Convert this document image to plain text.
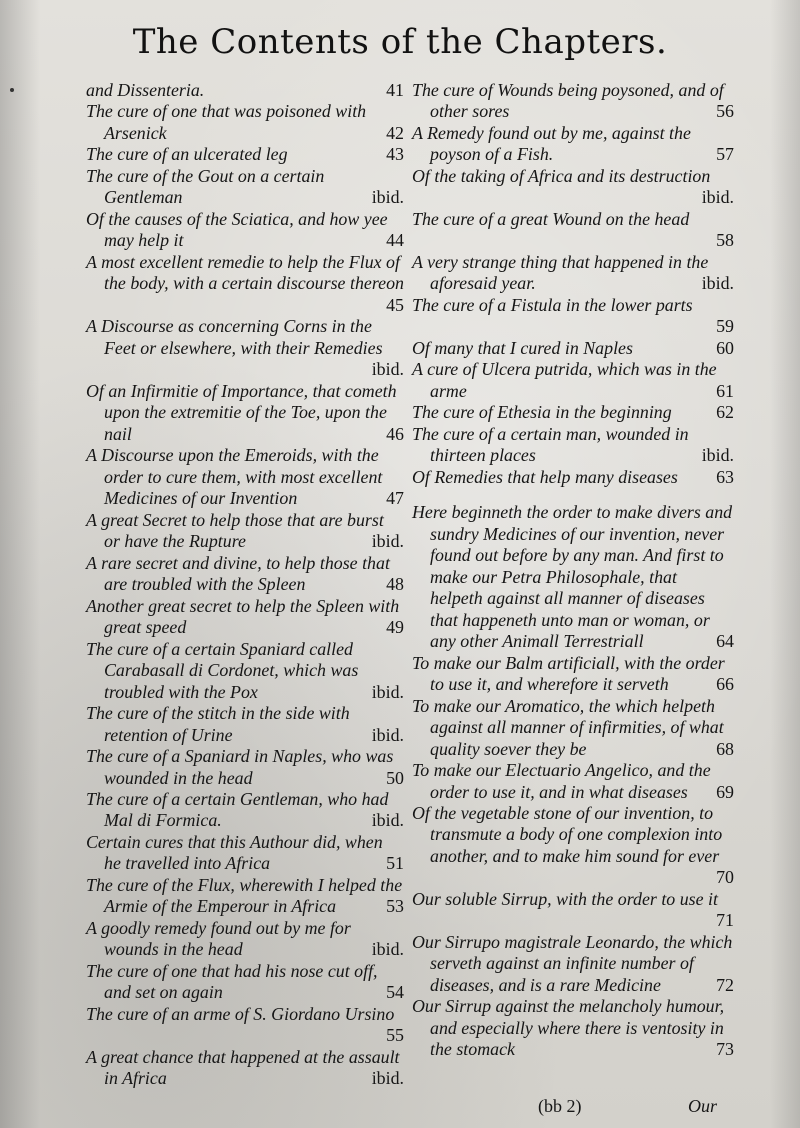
The Contents of the Chapters.
and Dissenteria.	41
The cure of one that was poisoned with Arsenick	42
The cure of an ulcerated leg	43
The cure of the Gout on a certain Gentleman	ibid.
Of the causes of the Sciatica, and how yee may help it	44
A most excellent remedie to help the Flux of the body, with a certain discourse thereon
45
A Discourse as concerning Corns in the Feet or elsewhere, with their Remedies
ibid.
Of an Infirmitie of Importance, that cometh upon the extremitie of the Toe, upon the nail	46
A Discourse upon the Emeroids, with the order to cure them, with most excellent Medicines of our Invention	47
A great Secret to help those that are burst or have the Rupture	ibid.
A rare secret and divine, to help those that are troubled with the Spleen	48
Another great secret to help the Spleen with great speed	49
The cure of a certain Spaniard called Carabasall di Cordonet, which was troubled with the Pox	ibid.
The cure of the stitch in the side with retention of Urine	ibid.
The cure of a Spaniard in Naples, who was wounded in the head	50
The cure of a certain Gentleman, who had Mal di Formica.	ibid.
Certain cures that this Authour did, when he travelled into Africa	51
The cure of the Flux, wherewith I helped the Armie of the Emperour in Africa	53
A goodly remedy found out by me for wounds in the head	ibid.
The cure of one that had his nose cut off, and set on again	54
The cure of an arme of S. Giordano Ursino
55
A great chance that happened at the assault in Africa	ibid.
The cure of Wounds being poysoned, and of other sores	56
A Remedy found out by me, against the poyson of a Fish.	57
Of the taking of Africa and its destruction
ibid.
The cure of a great Wound on the head
58
A very strange thing that happened in the aforesaid year.	ibid.
The cure of a Fistula in the lower parts
59
Of many that I cured in Naples	60
A cure of Ulcera putrida, which was in the arme	61
The cure of Ethesia in the beginning 62
The cure of a certain man, wounded in thirteen places	ibid.
Of Remedies that help many diseases 63
Here beginneth the order to make divers and sundry Medicines of our invention, never found out before by any man. And first to make our Petra Philosophale, that helpeth against all manner of diseases that happeneth unto man or woman, or any other Animall Terrestriall	64
To make our Balm artificiall, with the order to use it, and wherefore it serveth	66
To make our Aromatico, the which helpeth against all manner of infirmities, of what quality soever they be	68
To make our Electuario Angelico, and the order to use it, and in what diseases 69
Of the vegetable stone of our invention, to transmute a body of one complexion into another, and to make him sound for ever
70
Our soluble Sirrup, with the order to use it
71
Our Sirrupo magistrale Leonardo, the which serveth against an infinite number of diseases, and is a rare Medicine	72
Our Sirrup against the melancholy humour, and especially where there is ventosity in the stomack	73
(bb 2)	Our
